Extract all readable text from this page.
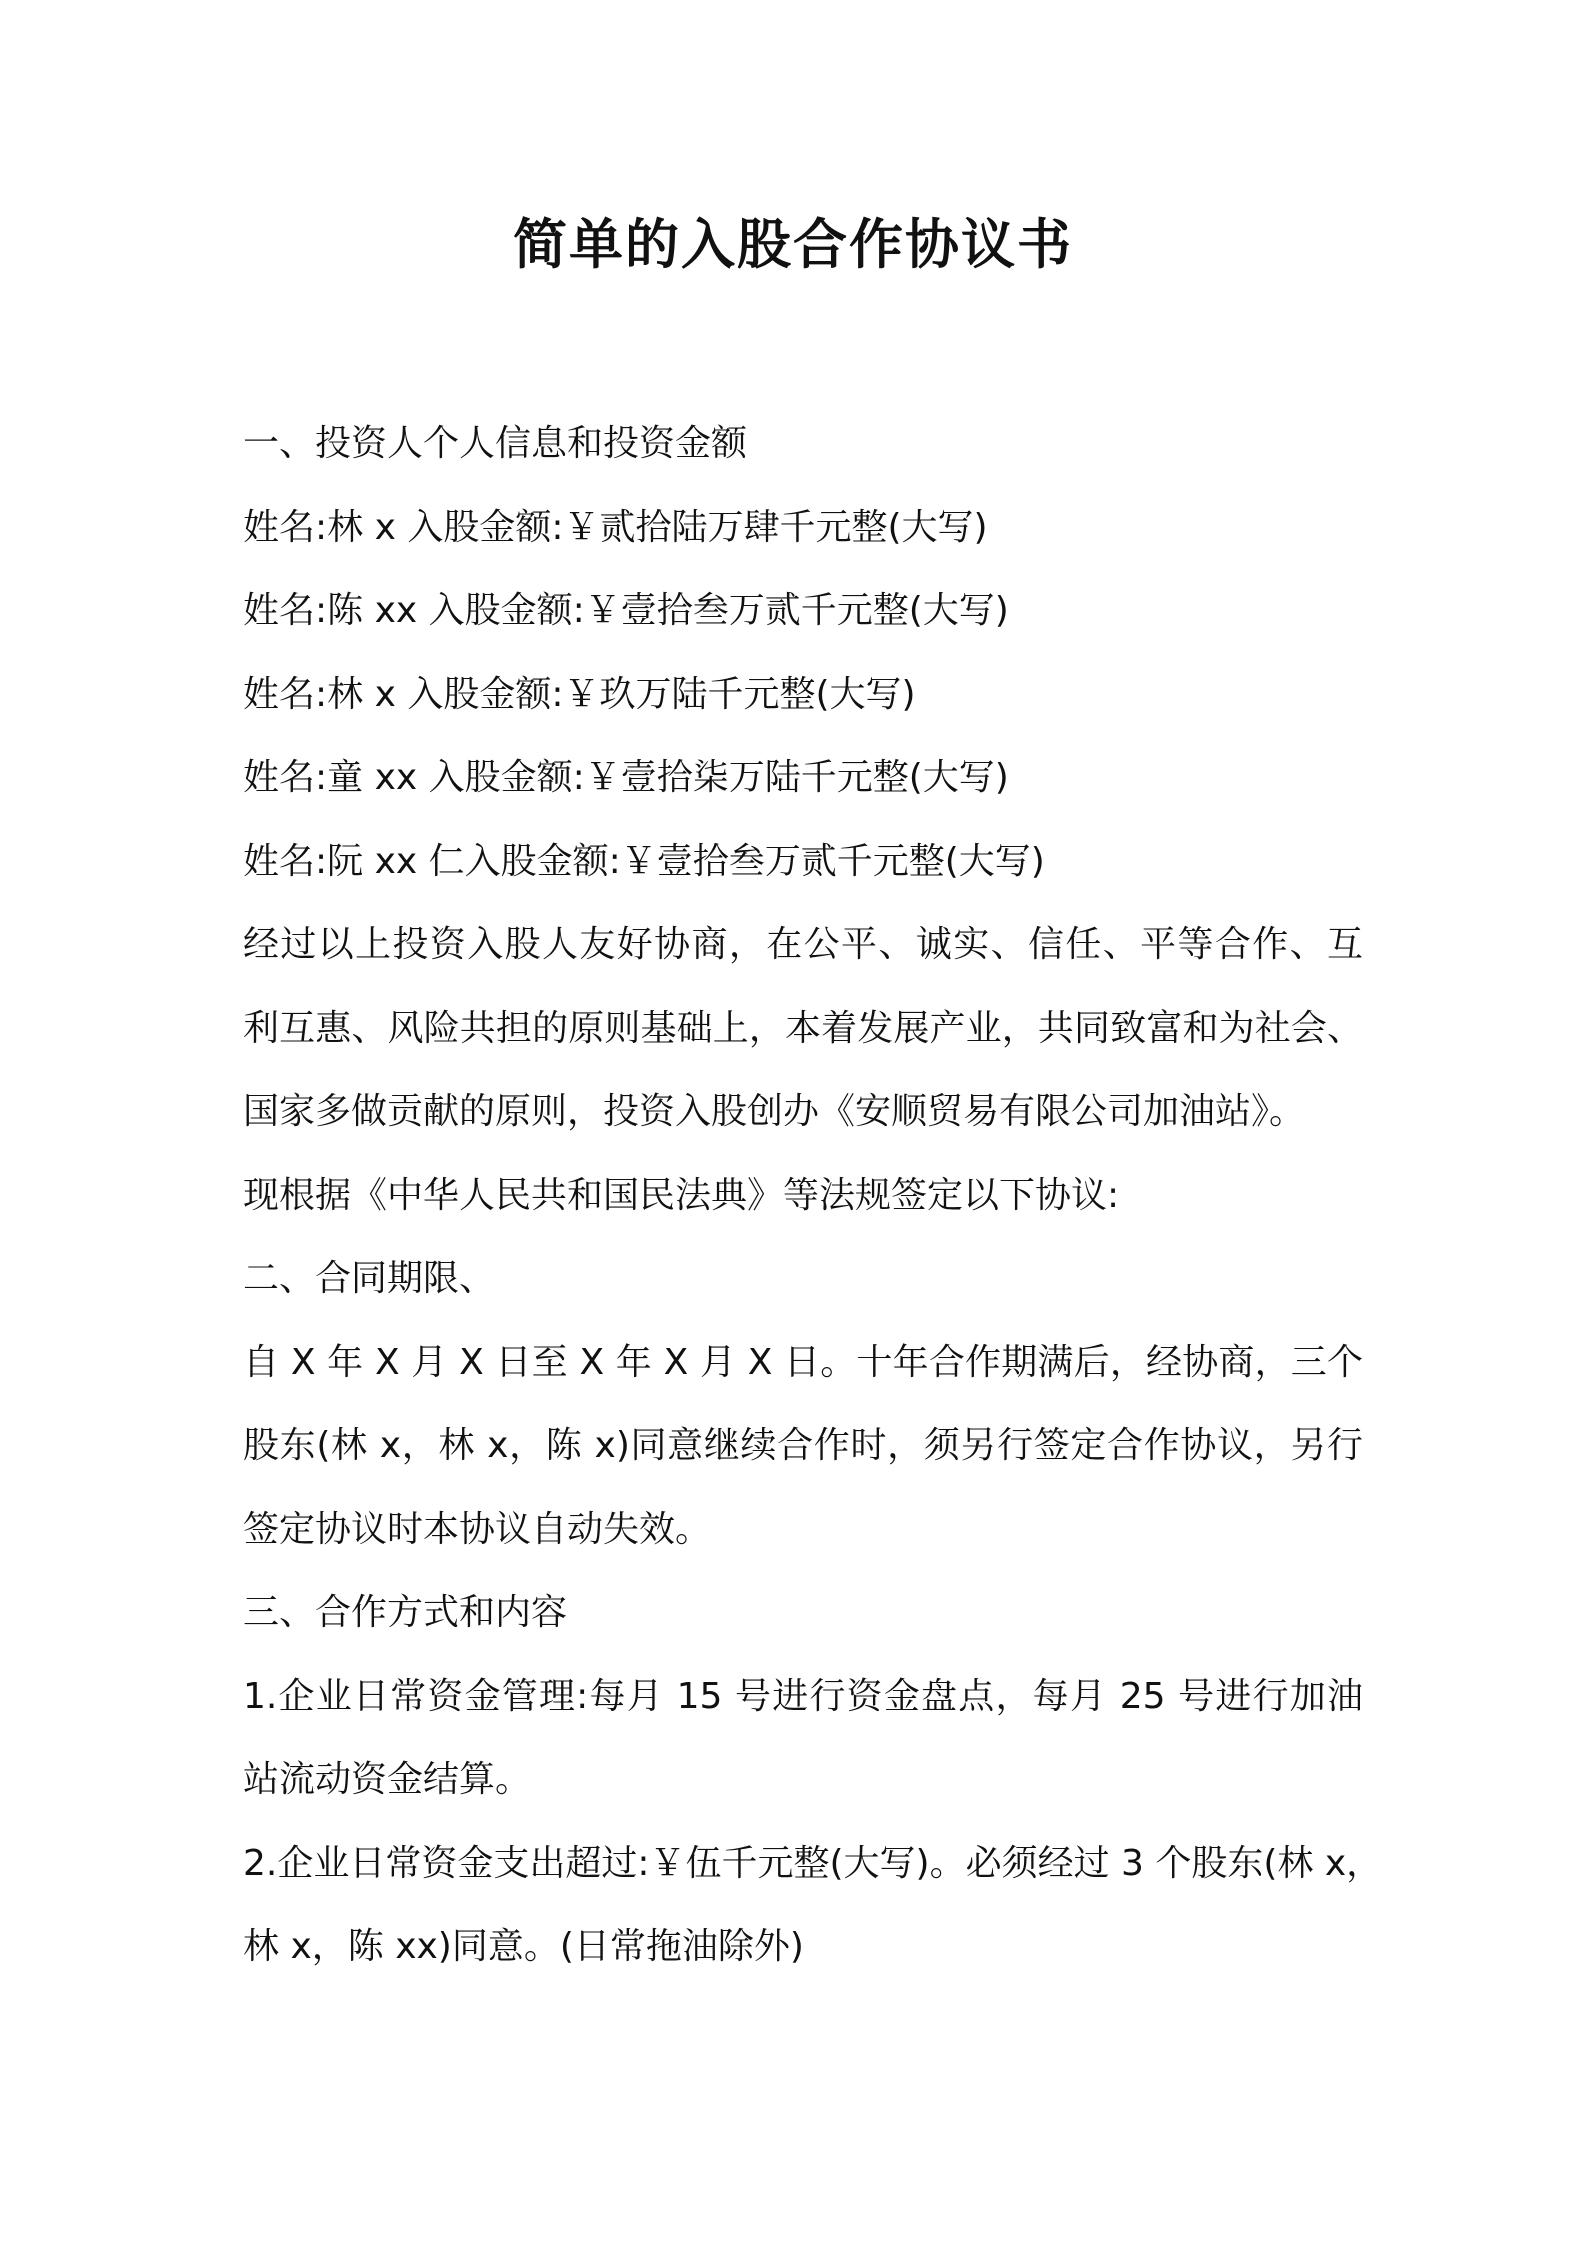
简单的入股合作协议书

一、投资人个人信息和投资金额

姓名:林 x 入股金额:￥贰拾陆万肆千元整(大写)

姓名:陈 xx 入股金额:￥壹拾叁万贰千元整(大写)

姓名:林 x 入股金额:￥玖万陆千元整(大写)

姓名:童 xx 入股金额:￥壹拾柒万陆千元整(大写)

姓名:阮 xx 仁入股金额:￥壹拾叁万贰千元整(大写)

经过以上投资入股人友好协商，在公平、诚实、信任、平等合作、互

利互惠、风险共担的原则基础上，本着发展产业，共同致富和为社会、

国家多做贡献的原则，投资入股创办《安顺贸易有限公司加油站》。

现根据《中华人民共和国民法典》等法规签定以下协议:

二、合同期限、

自 X 年 X 月 X 日至 X 年 X 月 X 日。十年合作期满后，经协商，三个

股东(林 x，林 x，陈 x)同意继续合作时，须另行签定合作协议，另行

签定协议时本协议自动失效。

三、合作方式和内容

1.企业日常资金管理:每月 15 号进行资金盘点，每月 25 号进行加油

站流动资金结算。

2.企业日常资金支出超过:￥伍千元整(大写)。必须经过 3 个股东(林 x，

林 x，陈 xx)同意。(日常拖油除外)
